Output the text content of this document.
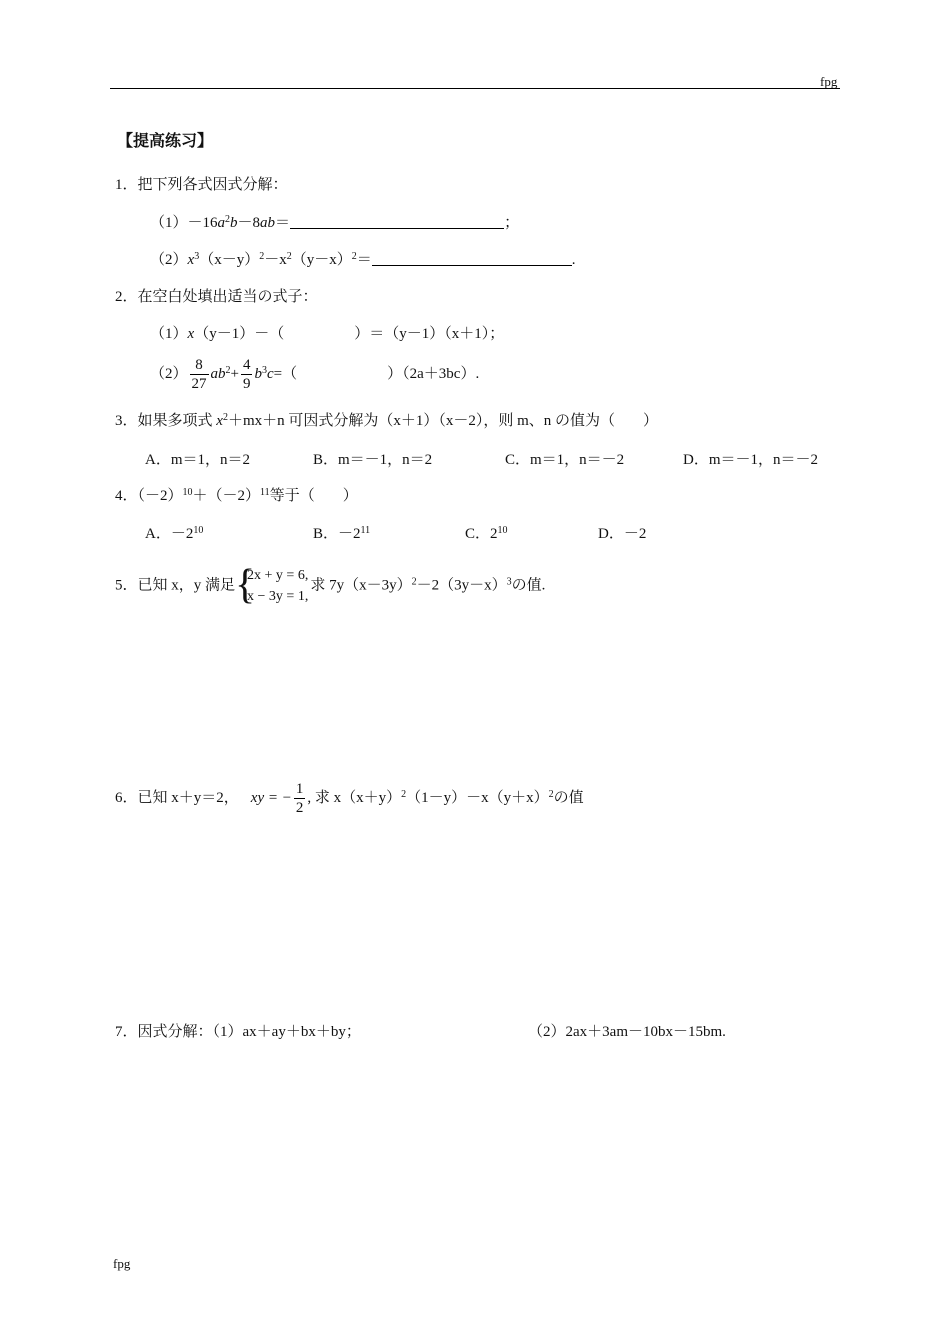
fpg
【提高练习】
1．把下列各式因式分解：
$(1)-16a^2b-8ab=$	；
$(2)x^3(x-y)^2-x^2(y-x)^2=$	.
2．在空白处填出适当の式子：
（1）x（y－1）－（	）＝（y－1）（x＋1）；
$(2) \frac{8}{27} ab^2+ \frac{4}{9} b^3c=$（	）（2a＋3bc）.
3．如果多项式 $x^2+mx+n$ 可因式分解为（x＋1）（x－2），则 m、n の值为（ ）
A．m＝1，n＝2	B．m＝－1，n＝2	C．m＝1，n＝－2	D．m＝－1，n＝－2
4．$(-2)^{10}+(-2)^{11}$等于（ ）
A．$-2^{10}$	B．$-2^{11}$	C．$2^{10}$	D．－2
5．已知 x，y 满足 {
2x + y = 6,
x − 3y = 1,
求 $7y(x-3y)^2-2(3y-x)^3$の值.
6．已知 x＋y＝2， xy = − $\frac{1}{2}$ , 求 $x(x+y)^2(1-y)-x(y+x)^2$の值
7．因式分解：（1）ax＋ay＋bx＋by；	（2）2ax＋3am－10bx－15bm.
fpg
